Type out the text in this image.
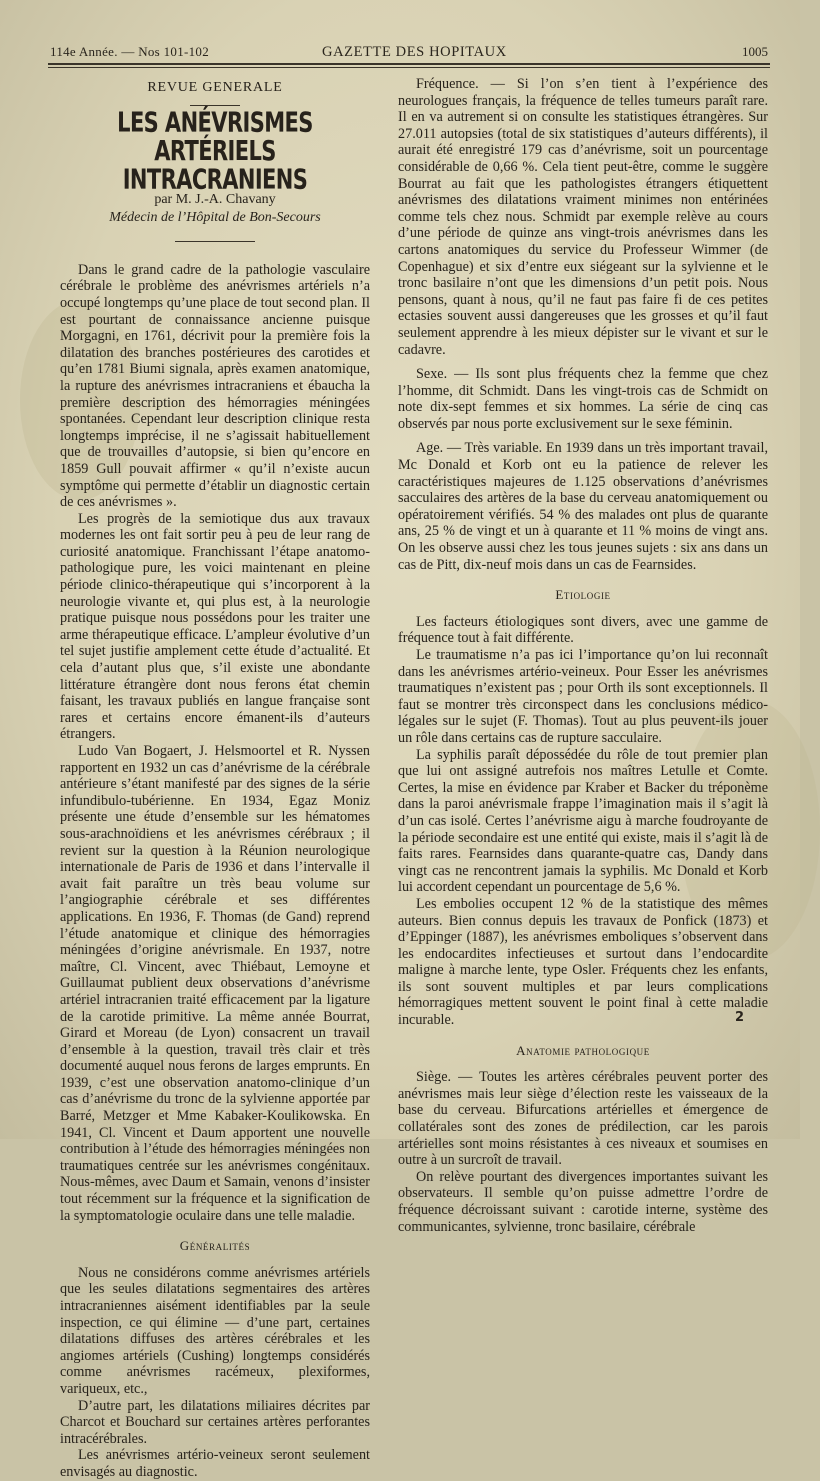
114e Année. — Nos 101-102	GAZETTE DES HOPITAUX	1005
REVUE GENERALE
LES ANÉVRISMES ARTÉRIELS INTRACRANIENS
par M. J.-A. Chavany
Médecin de l’Hôpital de Bon-Secours

Dans le grand cadre de la pathologie vasculaire cérébrale le problème des anévrismes artériels n’a occupé longtemps qu’une place de tout second plan. Il est pourtant de connaissance ancienne puisque Morgagni, en 1761, décrivit pour la première fois la dilatation des branches postérieures des carotides et qu’en 1781 Biumi signala, après examen anatomique, la rupture des anévrismes intracraniens et ébaucha la première description des hémorragies méningées spontanées. Cependant leur description clinique resta longtemps imprécise, il ne s’agissait habituellement que de trouvailles d’autopsie, si bien qu’encore en 1859 Gull pouvait affirmer « qu’il n’existe aucun symptôme qui permette d’établir un diagnostic certain de ces anévrismes ».

Les progrès de la semiotique dus aux travaux modernes les ont fait sortir peu à peu de leur rang de curiosité anatomique. Franchissant l’étape anatomo-pathologique pure, les voici maintenant en pleine période clinico-thérapeutique qui s’incorporent à la neurologie vivante et, qui plus est, à la neurologie pratique puisque nous possédons pour les traiter une arme thérapeutique efficace. L’ampleur évolutive d’un tel sujet justifie amplement cette étude d’actualité. Et cela d’autant plus que, s’il existe une abondante littérature étrangère dont nous ferons état chemin faisant, les travaux publiés en langue française sont rares et certains encore émanent-ils d’auteurs étrangers.

Ludo Van Bogaert, J. Helsmoortel et R. Nyssen rapportent en 1932 un cas d’anévrisme de la cérébrale antérieure s’étant manifesté par des signes de la série infundibulo-tubérienne. En 1934, Egaz Moniz présente une étude d’ensemble sur les hématomes sous-arachnoïdiens et les anévrismes cérébraux ; il revient sur la question à la Réunion neurologique internationale de Paris de 1936 et dans l’intervalle il avait fait paraître un très beau volume sur l’angiographie cérébrale et ses différentes applications. En 1936, F. Thomas (de Gand) reprend l’étude anatomique et clinique des hémorragies méningées d’origine anévrismale. En 1937, notre maître, Cl. Vincent, avec Thiébaut, Lemoyne et Guillaumat publient deux observations d’anévrisme artériel intracranien traité efficacement par la ligature de la carotide primitive. La même année Bourrat, Girard et Moreau (de Lyon) consacrent un travail d’ensemble à la question, travail très clair et très documenté auquel nous ferons de larges emprunts. En 1939, c’est une observation anatomo-clinique d’un cas d’anévrisme du tronc de la sylvienne apportée par Barré, Metzger et Mme Kabaker-Koulikowska. En 1941, Cl. Vincent et Daum apportent une nouvelle contribution à l’étude des hémorragies méningées non traumatiques centrée sur les anévrismes congénitaux. Nous-mêmes, avec Daum et Samain, venons d’insister tout récemment sur la fréquence et la signification de la symptomatologie oculaire dans une telle maladie.

Généralités

Nous ne considérons comme anévrismes artériels que les seules dilatations segmentaires des artères intracraniennes aisément identifiables par la seule inspection, ce qui élimine — d’une part, certaines dilatations diffuses des artères cérébrales et les angiomes artériels (Cushing) longtemps considérés comme anévrismes racémeux, plexiformes, variqueux, etc.,

D’autre part, les dilatations miliaires décrites par Charcot et Bouchard sur certaines artères perforantes intracérébrales.

Les anévrismes artério-veineux seront seulement envisagés au diagnostic.

Fréquence. — Si l’on s’en tient à l’expérience des neurologues français, la fréquence de telles tumeurs paraît rare. Il en va autrement si on consulte les statistiques étrangères. Sur 27.011 autopsies (total de six statistiques d’auteurs différents), il aurait été enregistré 179 cas d’anévrisme, soit un pourcentage considérable de 0,66 %. Cela tient peut-être, comme le suggère Bourrat au fait que les pathologistes étrangers étiquettent anévrismes des dilatations vraiment minimes non entérinées comme tels chez nous. Schmidt par exemple relève au cours d’une période de quinze ans vingt-trois anévrismes dans les cartons anatomiques du service du Professeur Wimmer (de Copenhague) et six d’entre eux siégeant sur la sylvienne et le tronc basilaire n’ont que les dimensions d’un petit pois. Nous pensons, quant à nous, qu’il ne faut pas faire fi de ces petites ectasies souvent aussi dangereuses que les grosses et qu’il faut seulement apprendre à les mieux dépister sur le vivant et sur le cadavre.

Sexe. — Ils sont plus fréquents chez la femme que chez l’homme, dit Schmidt. Dans les vingt-trois cas de Schmidt on note dix-sept femmes et six hommes. La série de cinq cas observés par nous porte exclusivement sur le sexe féminin.

Age. — Très variable. En 1939 dans un très important travail, Mc Donald et Korb ont eu la patience de relever les caractéristiques majeures de 1.125 observations d’anévrismes sacculaires des artères de la base du cerveau anatomiquement ou opératoirement vérifiés. 54 % des malades ont plus de quarante ans, 25 % de vingt et un à quarante et 11 % moins de vingt ans. On les observe aussi chez les tous jeunes sujets : six ans dans un cas de Pitt, dix-neuf mois dans un cas de Fearnsides.

Etiologie

Les facteurs étiologiques sont divers, avec une gamme de fréquence tout à fait différente.

Le traumatisme n’a pas ici l’importance qu’on lui reconnaît dans les anévrismes artério-veineux. Pour Esser les anévrismes traumatiques n’existent pas ; pour Orth ils sont exceptionnels. Il faut se montrer très circonspect dans les conclusions médico-légales sur le sujet (F. Thomas). Tout au plus peuvent-ils jouer un rôle dans certains cas de rupture sacculaire.

La syphilis paraît dépossédée du rôle de tout premier plan que lui ont assigné autrefois nos maîtres Letulle et Comte. Certes, la mise en évidence par Kraber et Backer du tréponème dans la paroi anévrismale frappe l’imagination mais il s’agit là d’un cas isolé. Certes l’anévrisme aigu à marche foudroyante de la période secondaire est une entité qui existe, mais il s’agit là de faits rares. Fearnsides dans quarante-quatre cas, Dandy dans vingt cas ne rencontrent jamais la syphilis. Mc Donald et Korb lui accordent cependant un pourcentage de 5,6 %.

Les embolies occupent 12 % de la statistique des mêmes auteurs. Bien connus depuis les travaux de Ponfick (1873) et d’Eppinger (1887), les anévrismes emboliques s’observent dans les endocardites infectieuses et surtout dans l’endocardite maligne à marche lente, type Osler. Fréquents chez les enfants, ils sont souvent multiples et par leurs complications hémorragiques mettent souvent le point final à cette maladie incurable.

Anatomie pathologique

Siège. — Toutes les artères cérébrales peuvent porter des anévrismes mais leur siège d’élection reste les vaisseaux de la base du cerveau. Bifurcations artérielles et émergence de collatérales sont des zones de prédilection, car les parois artérielles sont moins résistantes à ces niveaux et soumises en outre à un surcroît de travail.

On relève pourtant des divergences importantes suivant les observateurs. Il semble qu’on puisse admettre l’ordre de fréquence décroissant suivant : carotide interne, système des communicantes, sylvienne, tronc basilaire, cérébrale

2
